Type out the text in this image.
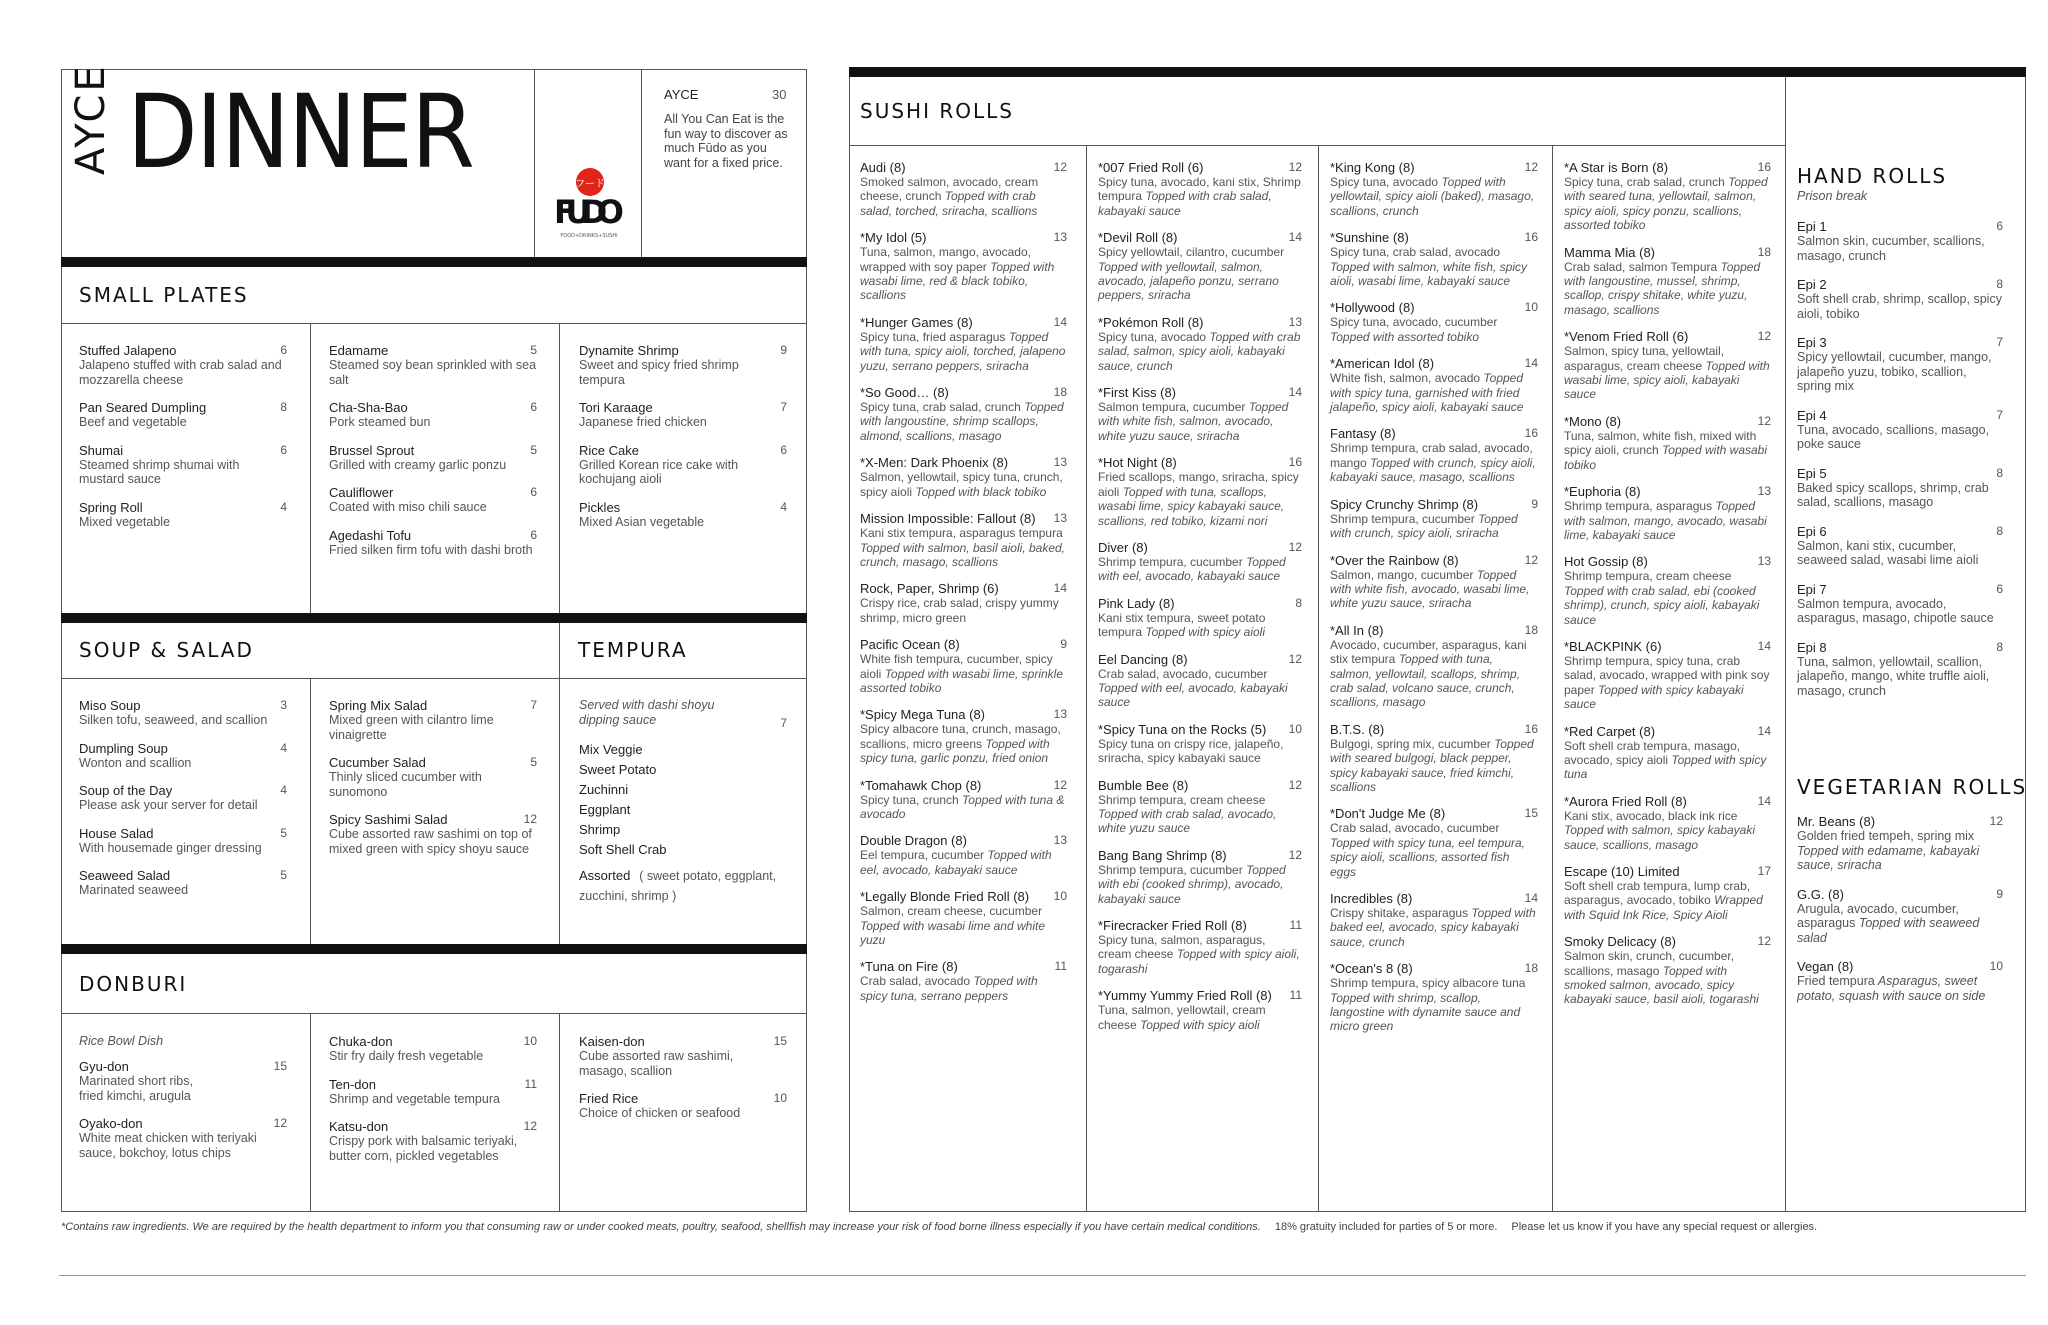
AYCE DINNER	フード
FUDO
FOOD+DRINKS+SUSHI
AYCE	30
All You Can Eat is the fun way to discover as much Fūdo as you want for a fixed price.
SMALL PLATES
6
Stuffed Jalapeno
Jalapeno stuffed with crab salad and mozzarella cheese
8
Pan Seared Dumpling
Beef and vegetable
6
Shumai
Steamed shrimp shumai with mustard sauce
4
Spring Roll
Mixed vegetable
5
Edamame
Steamed soy bean sprinkled with sea salt
6
Cha-Sha-Bao
Pork steamed bun
5
Brussel Sprout
Grilled with creamy garlic ponzu
6
Cauliflower
Coated with miso chili sauce
6
Agedashi Tofu
Fried silken firm tofu with dashi broth
9
Dynamite Shrimp
Sweet and spicy fried shrimp tempura
7
Tori Karaage
Japanese fried chicken
6
Rice Cake
Grilled Korean rice cake with kochujang aioli
4
Pickles
Mixed Asian vegetable
SOUP & SALAD	TEMPURA
3
Miso Soup
Silken tofu, seaweed, and scallion
4
Dumpling Soup
Wonton and scallion
4
Soup of the Day
Please ask your server for detail
5
House Salad
With housemade ginger dressing
5
Seaweed Salad
Marinated seaweed
7
Spring Mix Salad
Mixed green with cilantro lime vinaigrette
5
Cucumber Salad
Thinly sliced cucumber with sunomono
12
Spicy Sashimi Salad
Cube assorted raw sashimi on top of mixed green with spicy shoyu sauce
7
Served with dashi shoyu dipping sauce
Mix Veggie
Sweet Potato
Zuchinni
Eggplant
Shrimp
Soft Shell Crab
Assorted ( sweet potato, eggplant, zucchini, shrimp )
DONBURI
Rice Bowl Dish
15
Gyu-don
Marinated short ribs, fried kimchi, arugula
12
Oyako-don
White meat chicken with teriyaki sauce, bokchoy, lotus chips
10
Chuka-don
Stir fry daily fresh vegetable
11
Ten-don
Shrimp and vegetable tempura
12
Katsu-don
Crispy pork with balsamic teriyaki, butter corn, pickled vegetables
15
Kaisen-don
Cube assorted raw sashimi, masago, scallion
10
Fried Rice
Choice of chicken or seafood
SUSHI ROLLS
12
Audi (8)
Smoked salmon, avocado, cream cheese, crunch Topped with crab salad, torched, sriracha, scallions
13
*My Idol (5)
Tuna, salmon, mango, avocado, wrapped with soy paper Topped with wasabi lime, red & black tobiko, scallions
14
*Hunger Games (8)
Spicy tuna, fried asparagus Topped with tuna, spicy aioli, torched, jalapeno yuzu, serrano peppers, sriracha
18
*So Good… (8)
Spicy tuna, crab salad, crunch Topped with langoustine, shrimp scallops, almond, scallions, masago
13
*X-Men: Dark Phoenix (8)
Salmon, yellowtail, spicy tuna, crunch, spicy aioli Topped with black tobiko
13
Mission Impossible: Fallout (8)
Kani stix tempura, asparagus tempura Topped with salmon, basil aioli, baked, crunch, masago, scallions
14
Rock, Paper, Shrimp (6)
Crispy rice, crab salad, crispy yummy shrimp, micro green
9
Pacific Ocean (8)
White fish tempura, cucumber, spicy aioli Topped with wasabi lime, sprinkle assorted tobiko
13
*Spicy Mega Tuna (8)
Spicy albacore tuna, crunch, masago, scallions, micro greens Topped with spicy tuna, garlic ponzu, fried onion
12
*Tomahawk Chop (8)
Spicy tuna, crunch Topped with tuna & avocado
13
Double Dragon (8)
Eel tempura, cucumber Topped with eel, avocado, kabayaki sauce
10
*Legally Blonde Fried Roll (8)
Salmon, cream cheese, cucumber Topped with wasabi lime and white yuzu
11
*Tuna on Fire (8)
Crab salad, avocado Topped with spicy tuna, serrano peppers
12
*007 Fried Roll (6)
Spicy tuna, avocado, kani stix, Shrimp tempura Topped with crab salad, kabayaki sauce
14
*Devil Roll (8)
Spicy yellowtail, cilantro, cucumber Topped with yellowtail, salmon, avocado, jalapeño ponzu, serrano peppers, sriracha
13
*Pokémon Roll (8)
Spicy tuna, avocado Topped with crab salad, salmon, spicy aioli, kabayaki sauce, crunch
14
*First Kiss (8)
Salmon tempura, cucumber Topped with white fish, salmon, avocado, white yuzu sauce, sriracha
16
*Hot Night (8)
Fried scallops, mango, sriracha, spicy aioli Topped with tuna, scallops, wasabi lime, spicy kabayaki sauce, scallions, red tobiko, kizami nori
12
Diver (8)
Shrimp tempura, cucumber Topped with eel, avocado, kabayaki sauce
8
Pink Lady (8)
Kani stix tempura, sweet potato tempura Topped with spicy aioli
12
Eel Dancing (8)
Crab salad, avocado, cucumber Topped with eel, avocado, kabayaki sauce
10
*Spicy Tuna on the Rocks (5)
Spicy tuna on crispy rice, jalapeño, sriracha, spicy kabayaki sauce
12
Bumble Bee (8)
Shrimp tempura, cream cheese Topped with crab salad, avocado, white yuzu sauce
12
Bang Bang Shrimp (8)
Shrimp tempura, cucumber Topped with ebi (cooked shrimp), avocado, kabayaki sauce
11
*Firecracker Fried Roll (8)
Spicy tuna, salmon, asparagus, cream cheese Topped with spicy aioli, togarashi
11
*Yummy Yummy Fried Roll (8)
Tuna, salmon, yellowtail, cream cheese Topped with spicy aioli
12
*King Kong (8)
Spicy tuna, avocado Topped with yellowtail, spicy aioli (baked), masago, scallions, crunch
16
*Sunshine (8)
Spicy tuna, crab salad, avocado Topped with salmon, white fish, spicy aioli, wasabi lime, kabayaki sauce
10
*Hollywood (8)
Spicy tuna, avocado, cucumber Topped with assorted tobiko
14
*American Idol (8)
White fish, salmon, avocado Topped with spicy tuna, garnished with fried jalapeño, spicy aioli, kabayaki sauce
16
Fantasy (8)
Shrimp tempura, crab salad, avocado, mango Topped with crunch, spicy aioli, kabayaki sauce, masago, scallions
9
Spicy Crunchy Shrimp (8)
Shrimp tempura, cucumber Topped with crunch, spicy aioli, sriracha
12
*Over the Rainbow (8)
Salmon, mango, cucumber Topped with white fish, avocado, wasabi lime, white yuzu sauce, sriracha
18
*All In (8)
Avocado, cucumber, asparagus, kani stix tempura Topped with tuna, salmon, yellowtail, scallops, shrimp, crab salad, volcano sauce, crunch, scallions, masago
16
B.T.S. (8)
Bulgogi, spring mix, cucumber Topped with seared bulgogi, black pepper, spicy kabayaki sauce, fried kimchi, scallions
15
*Don't Judge Me (8)
Crab salad, avocado, cucumber Topped with spicy tuna, eel tempura, spicy aioli, scallions, assorted fish eggs
14
Incredibles (8)
Crispy shitake, asparagus Topped with baked eel, avocado, spicy kabayaki sauce, crunch
18
*Ocean's 8 (8)
Shrimp tempura, spicy albacore tuna Topped with shrimp, scallop, langostine with dynamite sauce and micro green
16
*A Star is Born (8)
Spicy tuna, crab salad, crunch Topped with seared tuna, yellowtail, salmon, spicy aioli, spicy ponzu, scallions, assorted tobiko
18
Mamma Mia (8)
Crab salad, salmon Tempura Topped with langoustine, mussel, shrimp, scallop, crispy shitake, white yuzu, masago, scallions
12
*Venom Fried Roll (6)
Salmon, spicy tuna, yellowtail, asparagus, cream cheese Topped with wasabi lime, spicy aioli, kabayaki sauce
12
*Mono (8)
Tuna, salmon, white fish, mixed with spicy aioli, crunch Topped with wasabi tobiko
13
*Euphoria (8)
Shrimp tempura, asparagus Topped with salmon, mango, avocado, wasabi lime, kabayaki sauce
13
Hot Gossip (8)
Shrimp tempura, cream cheese Topped with crab salad, ebi (cooked shrimp), crunch, spicy aioli, kabayaki sauce
14
*BLACKPINK (6)
Shrimp tempura, spicy tuna, crab salad, avocado, wrapped with pink soy paper Topped with spicy kabayaki sauce
14
*Red Carpet (8)
Soft shell crab tempura, masago, avocado, spicy aioli Topped with spicy tuna
14
*Aurora Fried Roll (8)
Kani stix, avocado, black ink rice Topped with salmon, spicy kabayaki sauce, scallions, masago
17
Escape (10) Limited
Soft shell crab tempura, lump crab, asparagus, avocado, tobiko Wrapped with Squid Ink Rice, Spicy Aioli
12
Smoky Delicacy (8)
Salmon skin, crunch, cucumber, scallions, masago Topped with smoked salmon, avocado, spicy kabayaki sauce, basil aioli, togarashi
HAND ROLLS
Prison break
6
Epi 1
Salmon skin, cucumber, scallions, masago, crunch
8
Epi 2
Soft shell crab, shrimp, scallop, spicy aioli, tobiko
7
Epi 3
Spicy yellowtail, cucumber, mango, jalapeño yuzu, tobiko, scallion, spring mix
7
Epi 4
Tuna, avocado, scallions, masago, poke sauce
8
Epi 5
Baked spicy scallops, shrimp, crab salad, scallions, masago
8
Epi 6
Salmon, kani stix, cucumber, seaweed salad, wasabi lime aioli
6
Epi 7
Salmon tempura, avocado, asparagus, masago, chipotle sauce
8
Epi 8
Tuna, salmon, yellowtail, scallion, jalapeño, mango, white truffle aioli, masago, crunch
VEGETARIAN ROLLS
12
Mr. Beans (8)
Golden fried tempeh, spring mix Topped with edamame, kabayaki sauce, sriracha
9
G.G. (8)
Arugula, avocado, cucumber, asparagus Topped with seaweed salad
10
Vegan (8)
Fried tempura Asparagus, sweet potato, squash with sauce on side
*Contains raw ingredients. We are required by the health department to inform you that consuming raw or under cooked meats, poultry, seafood, shellfish may increase your risk of food borne illness especially if you have certain medical conditions. 18% gratuity included for parties of 5 or more. Please let us know if you have any special request or allergies.
